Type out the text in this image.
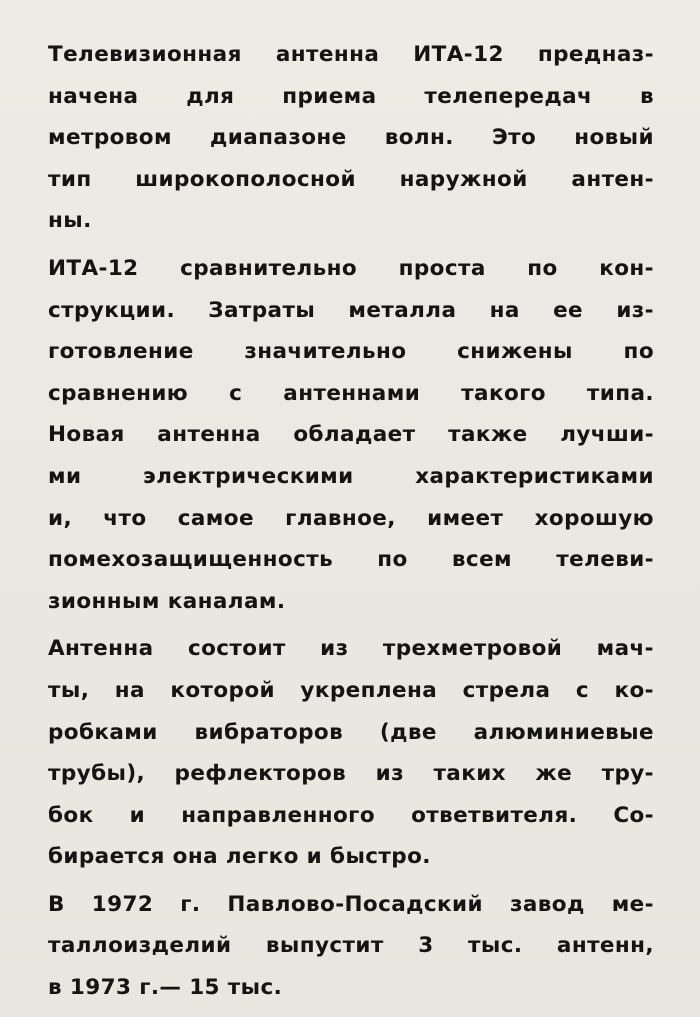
Телевизионная антенна ИТА-12 предназ-
начена для приема телепередач в
метровом диапазоне волн. Это новый
тип широкополосной наружной антен-
ны.
ИТА-12 сравнительно проста по кон-
струкции. Затраты металла на ее из-
готовление значительно снижены по
сравнению с антеннами такого типа.
Новая антенна обладает также лучши-
ми электрическими характеристиками
и, что самое главное, имеет хорошую
помехозащищенность по всем телеви-
зионным каналам.
Антенна состоит из трехметровой мач-
ты, на которой укреплена стрела с ко-
робками вибраторов (две алюминиевые
трубы), рефлекторов из таких же тру-
бок и направленного ответвителя. Со-
бирается она легко и быстро.
В 1972 г. Павлово-Посадский завод ме-
таллоизделий выпустит 3 тыс. антенн,
в 1973 г.— 15 тыс.
